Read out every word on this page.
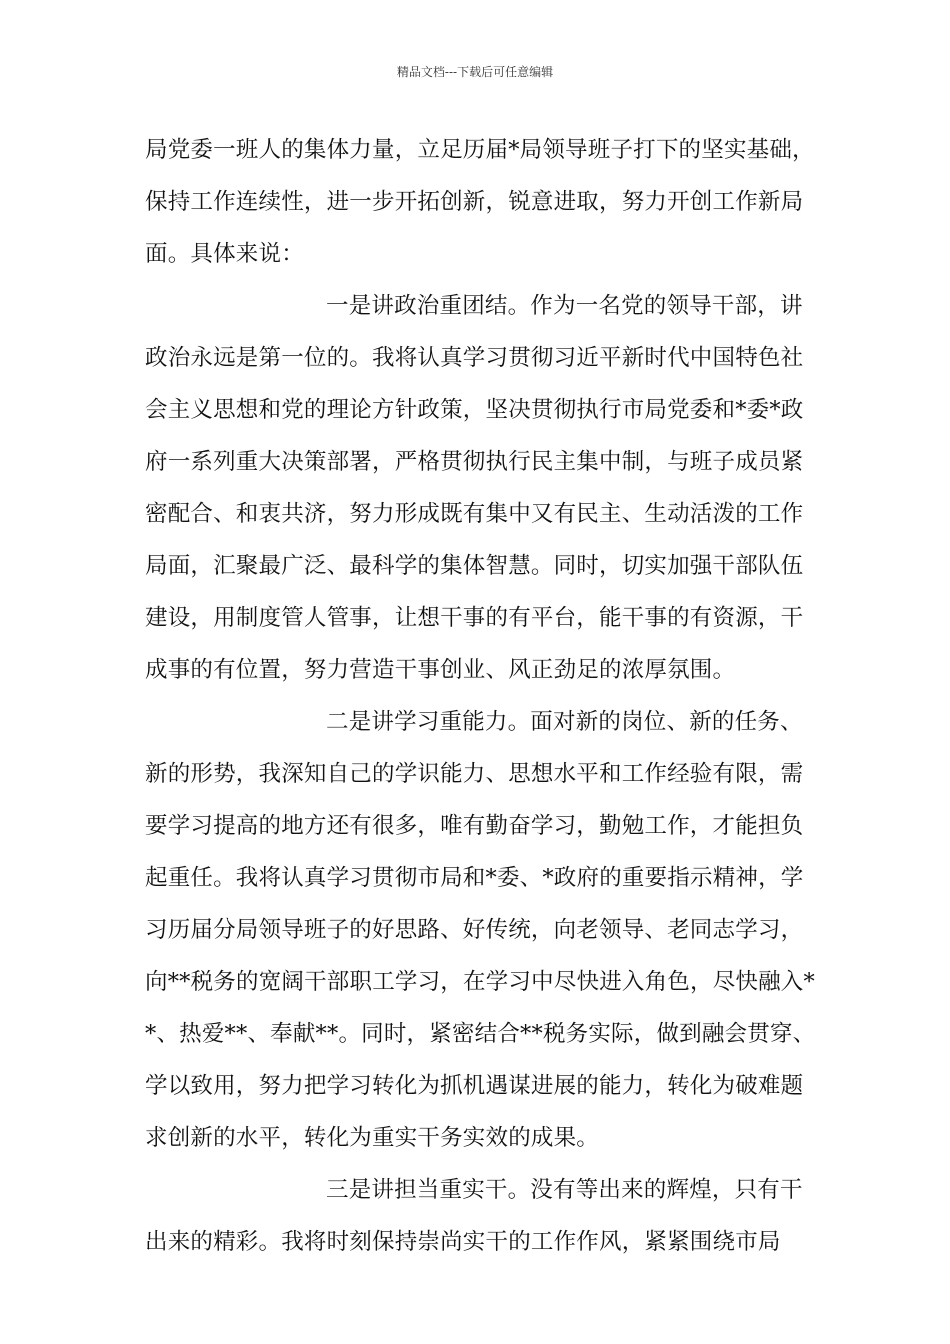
精品文档---下载后可任意编辑
局党委一班人的集体力量，立足历届*局领导班子打下的坚实基础，
保持工作连续性，进一步开拓创新，锐意进取，努力开创工作新局
面。具体来说：
一是讲政治重团结。作为一名党的领导干部，讲
政治永远是第一位的。我将认真学习贯彻习近平新时代中国特色社
会主义思想和党的理论方针政策，坚决贯彻执行市局党委和*委*政
府一系列重大决策部署，严格贯彻执行民主集中制，与班子成员紧
密配合、和衷共济，努力形成既有集中又有民主、生动活泼的工作
局面，汇聚最广泛、最科学的集体智慧。同时，切实加强干部队伍
建设，用制度管人管事，让想干事的有平台，能干事的有资源，干
成事的有位置，努力营造干事创业、风正劲足的浓厚氛围。
二是讲学习重能力。面对新的岗位、新的任务、
新的形势，我深知自己的学识能力、思想水平和工作经验有限，需
要学习提高的地方还有很多，唯有勤奋学习，勤勉工作，才能担负
起重任。我将认真学习贯彻市局和*委、*政府的重要指示精神，学
习历届分局领导班子的好思路、好传统，向老领导、老同志学习，
向**税务的宽阔干部职工学习，在学习中尽快进入角色，尽快融入*
*、热爱**、奉献**。同时，紧密结合**税务实际，做到融会贯穿、
学以致用，努力把学习转化为抓机遇谋进展的能力，转化为破难题
求创新的水平，转化为重实干务实效的成果。
三是讲担当重实干。没有等出来的辉煌，只有干
出来的精彩。我将时刻保持崇尚实干的工作作风，紧紧围绕市局
